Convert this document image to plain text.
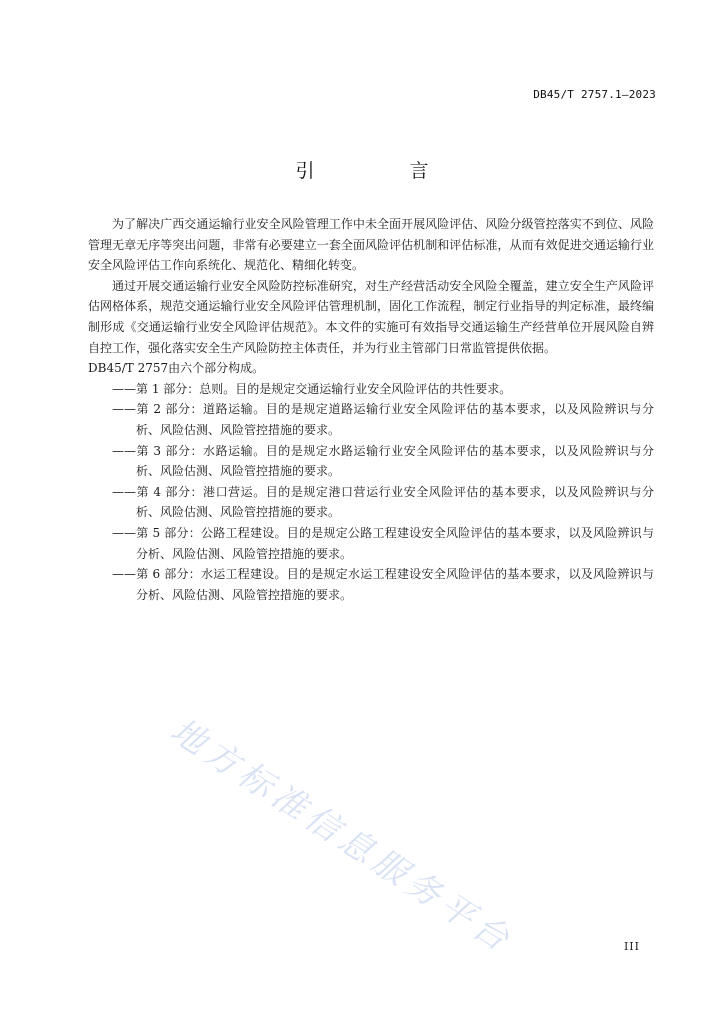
DB45/T 2757.1—2023
引　言

为了解决广西交通运输行业安全风险管理工作中未全面开展风险评估、风险分级管控落实不到位、风险管理无章无序等突出问题，非常有必要建立一套全面风险评估机制和评估标准，从而有效促进交通运输行业安全风险评估工作向系统化、规范化、精细化转变。

通过开展交通运输行业安全风险防控标准研究，对生产经营活动安全风险全覆盖，建立安全生产风险评估网格体系，规范交通运输行业安全风险评估管理机制，固化工作流程，制定行业指导的判定标准，最终编制形成《交通运输行业安全风险评估规范》。本文件的实施可有效指导交通运输生产经营单位开展风险自辨自控工作，强化落实安全生产风险防控主体责任，并为行业主管部门日常监管提供依据。

DB45/T 2757由六个部分构成。

——第 1 部分：总则。目的是规定交通运输行业安全风险评估的共性要求。

——第 2 部分：道路运输。目的是规定道路运输行业安全风险评估的基本要求，以及风险辨识与分析、风险估测、风险管控措施的要求。

——第 3 部分：水路运输。目的是规定水路运输行业安全风险评估的基本要求，以及风险辨识与分析、风险估测、风险管控措施的要求。

——第 4 部分：港口营运。目的是规定港口营运行业安全风险评估的基本要求，以及风险辨识与分析、风险估测、风险管控措施的要求。

——第 5 部分：公路工程建设。目的是规定公路工程建设安全风险评估的基本要求，以及风险辨识与分析、风险估测、风险管控措施的要求。

——第 6 部分：水运工程建设。目的是规定水运工程建设安全风险评估的基本要求，以及风险辨识与分析、风险估测、风险管控措施的要求。

地方标准信息服务平台	III
